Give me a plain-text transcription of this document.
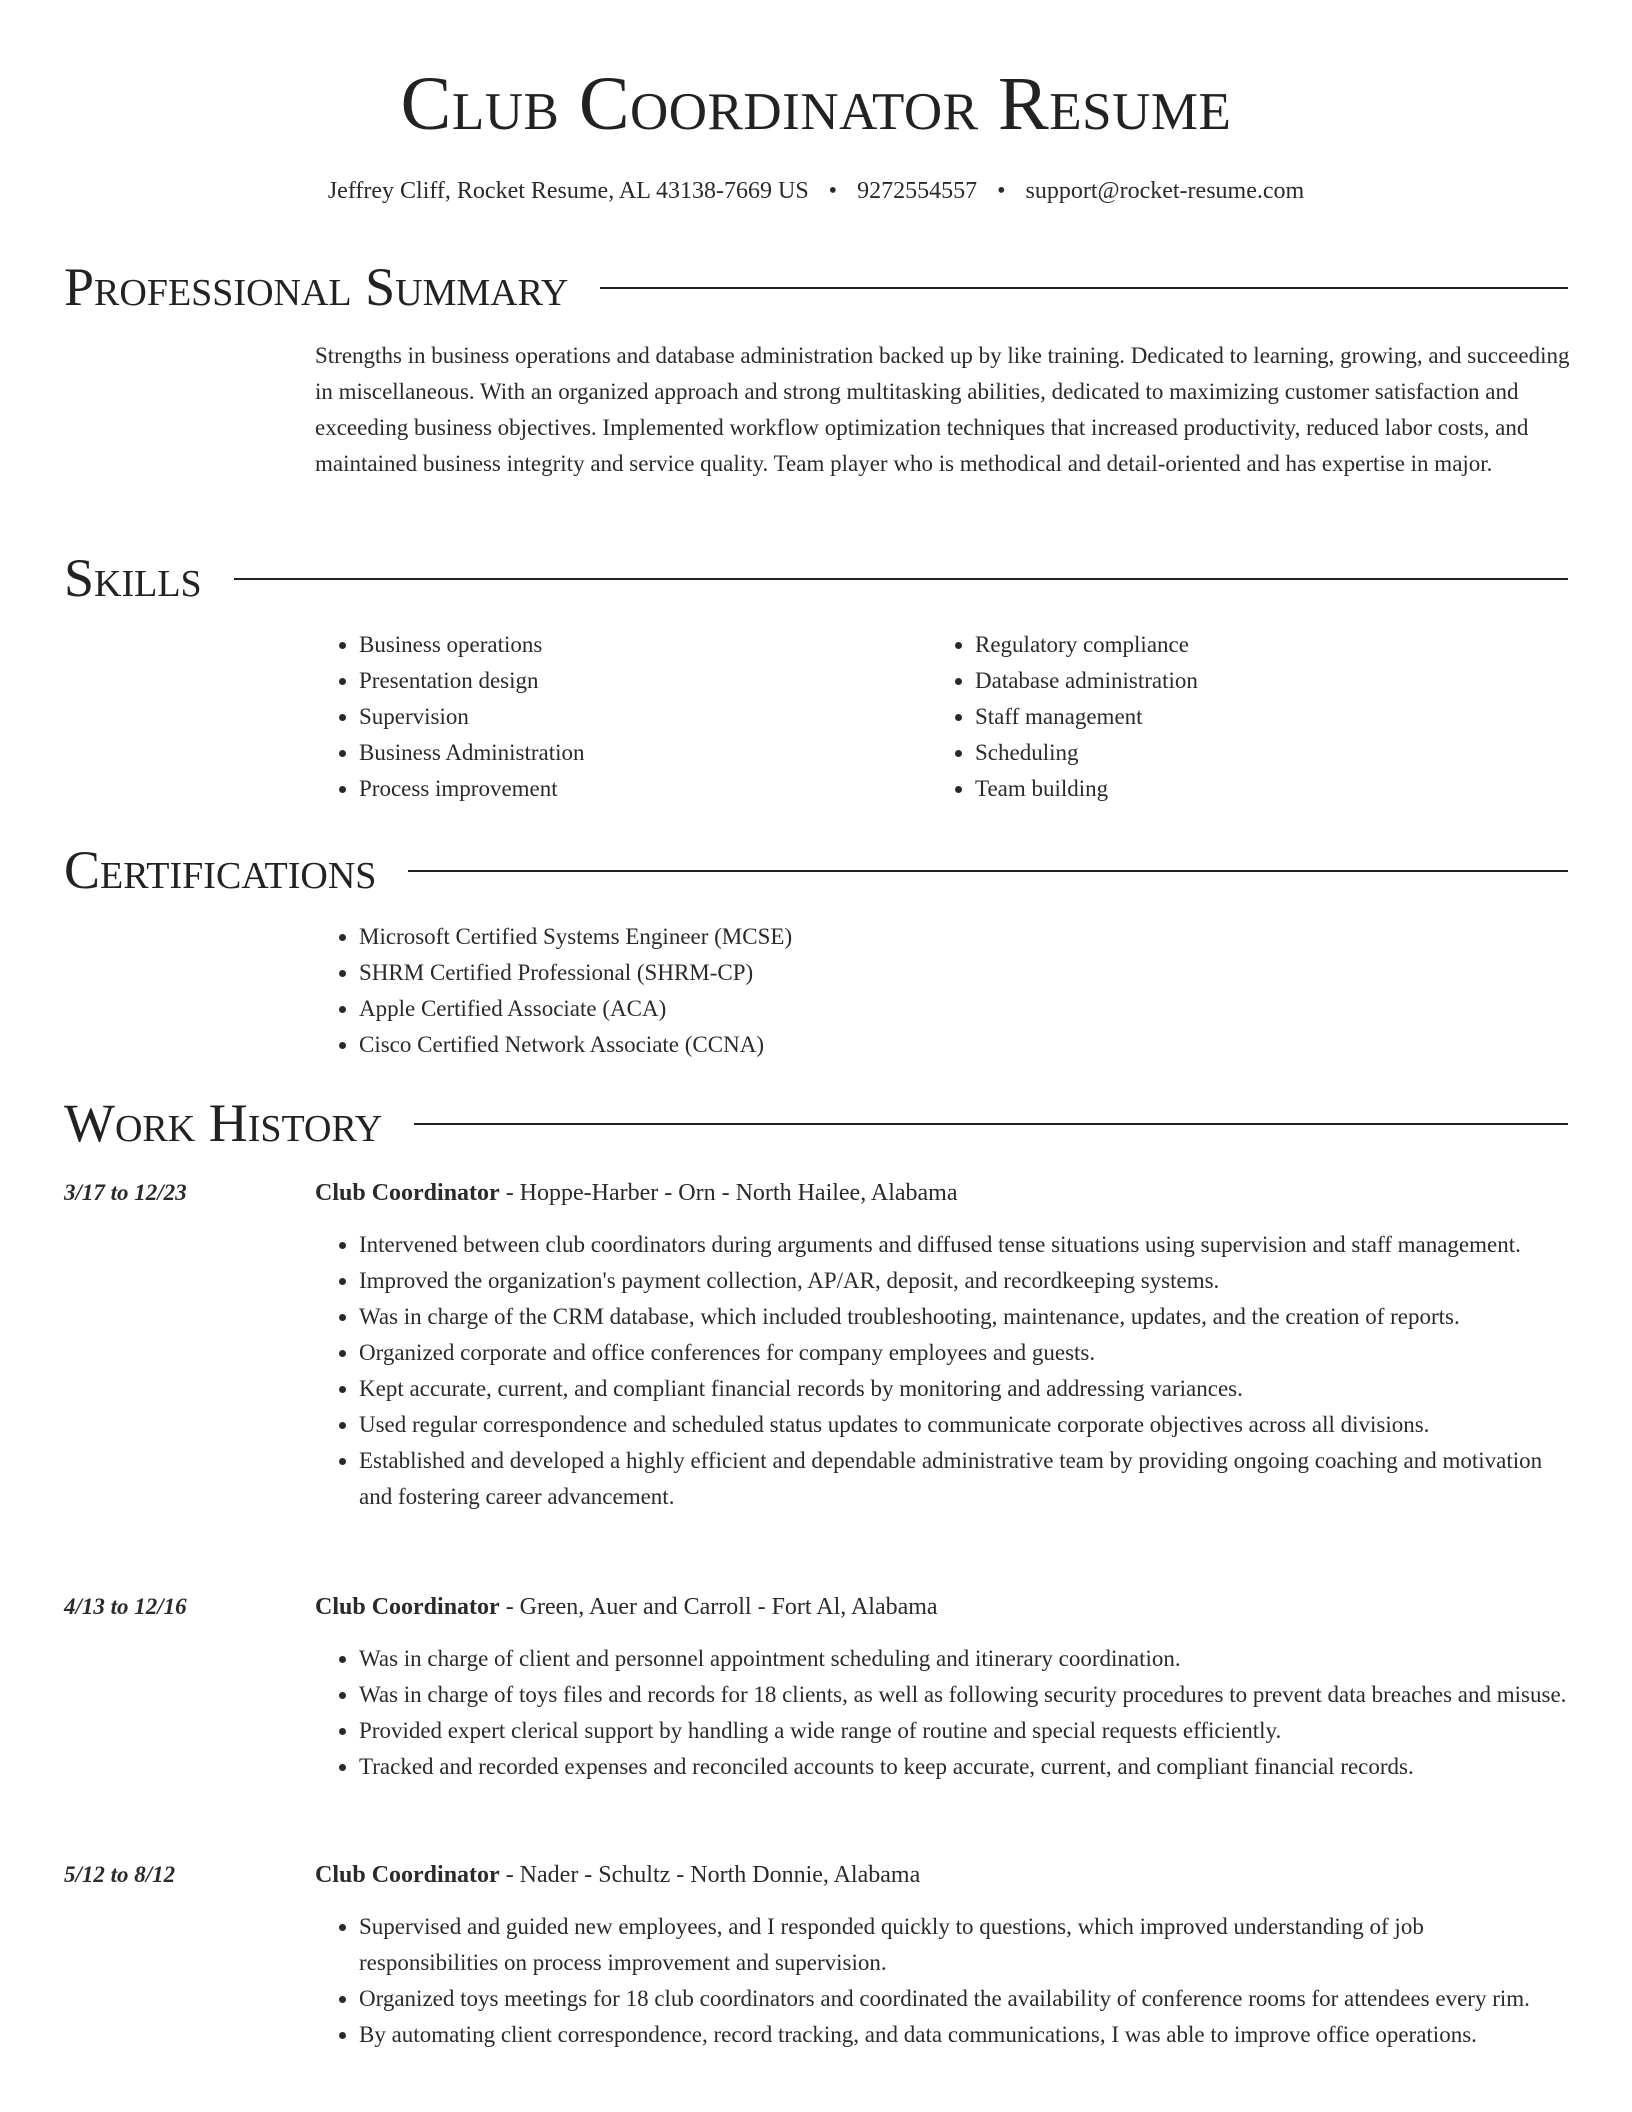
Club Coordinator Resume
Jeffrey Cliff, Rocket Resume, AL 43138-7669 US • 9272554557 • support@rocket-resume.com
Professional Summary

Strengths in business operations and database administration backed up by like training. Dedicated to learning, growing, and succeeding in miscellaneous. With an organized approach and strong multitasking abilities, dedicated to maximizing customer satisfaction and exceeding business objectives. Implemented workflow optimization techniques that increased productivity, reduced labor costs, and maintained business integrity and service quality. Team player who is methodical and detail-oriented and has expertise in major.

Skills
• Business operations
• Presentation design
• Supervision
• Business Administration
• Process improvement
• Regulatory compliance
• Database administration
• Staff management
• Scheduling
• Team building
Certifications
• Microsoft Certified Systems Engineer (MCSE)
• SHRM Certified Professional (SHRM-CP)
• Apple Certified Associate (ACA)
• Cisco Certified Network Associate (CCNA)
Work History
3/17 to 12/23	Club Coordinator - Hoppe-Harber - Orn - North Hailee, Alabama
• Intervened between club coordinators during arguments and diffused tense situations using supervision and staff management.
• Improved the organization's payment collection, AP/AR, deposit, and recordkeeping systems.
• Was in charge of the CRM database, which included troubleshooting, maintenance, updates, and the creation of reports.
• Organized corporate and office conferences for company employees and guests.
• Kept accurate, current, and compliant financial records by monitoring and addressing variances.
• Used regular correspondence and scheduled status updates to communicate corporate objectives across all divisions.
• Established and developed a highly efficient and dependable administrative team by providing ongoing coaching and motivation and fostering career advancement.
4/13 to 12/16	Club Coordinator - Green, Auer and Carroll - Fort Al, Alabama
• Was in charge of client and personnel appointment scheduling and itinerary coordination.
• Was in charge of toys files and records for 18 clients, as well as following security procedures to prevent data breaches and misuse.
• Provided expert clerical support by handling a wide range of routine and special requests efficiently.
• Tracked and recorded expenses and reconciled accounts to keep accurate, current, and compliant financial records.
5/12 to 8/12	Club Coordinator - Nader - Schultz - North Donnie, Alabama
• Supervised and guided new employees, and I responded quickly to questions, which improved understanding of job responsibilities on process improvement and supervision.
• Organized toys meetings for 18 club coordinators and coordinated the availability of conference rooms for attendees every rim.
• By automating client correspondence, record tracking, and data communications, I was able to improve office operations.
